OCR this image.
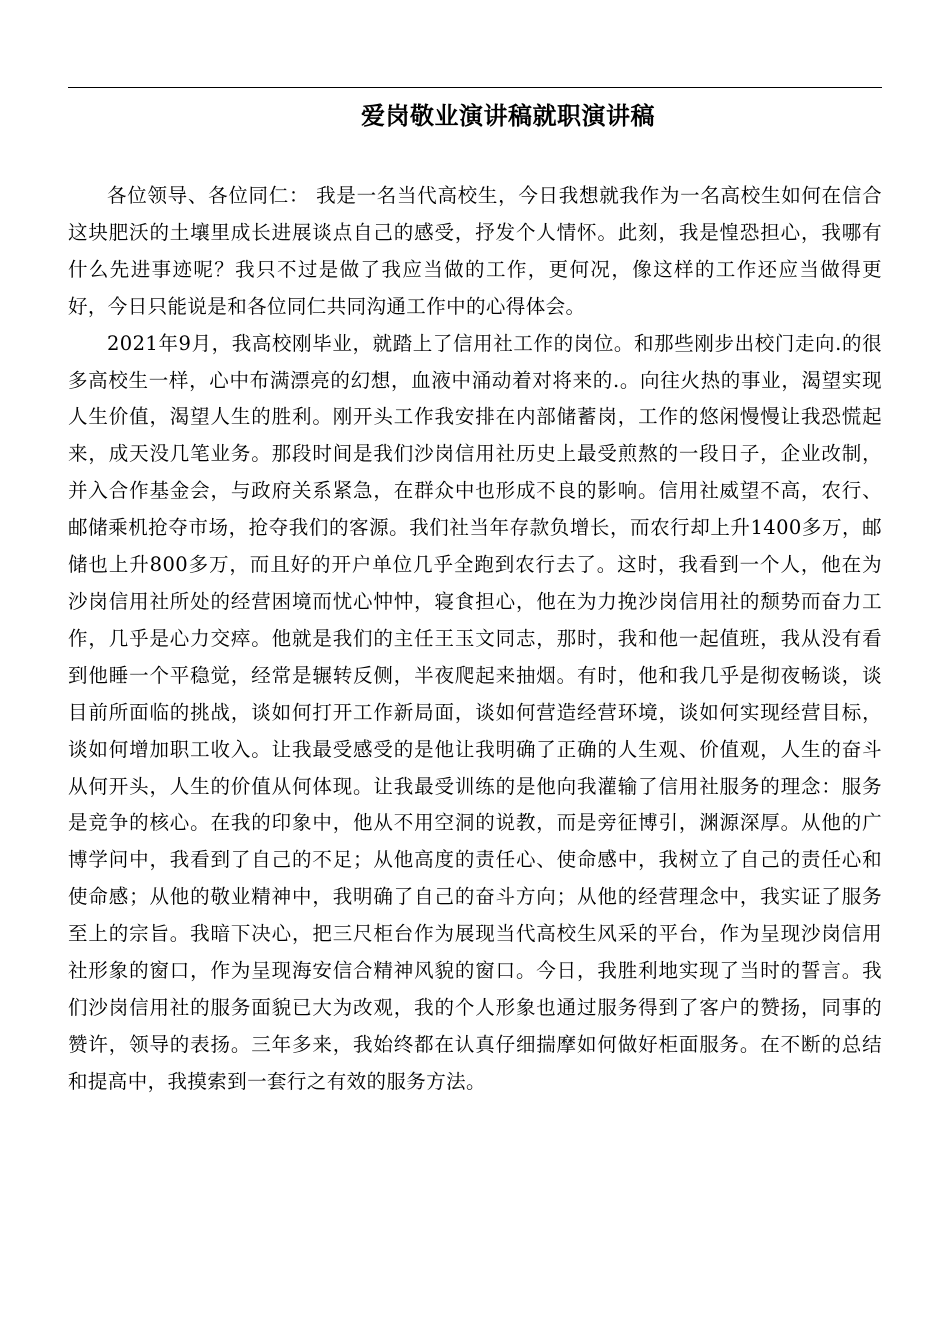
爱岗敬业演讲稿就职演讲稿

各位领导、各位同仁： 我是一名当代高校生，今日我想就我作为一名高校生如何在信合这块肥沃的土壤里成长进展谈点自己的感受，抒发个人情怀。此刻，我是惶恐担心，我哪有什么先进事迹呢？我只不过是做了我应当做的工作，更何况，像这样的工作还应当做得更好，今日只能说是和各位同仁共同沟通工作中的心得体会。

2021年9月，我高校刚毕业，就踏上了信用社工作的岗位。和那些刚步出校门走向.的很多高校生一样，心中布满漂亮的幻想，血液中涌动着对将来的.。向往火热的事业，渴望实现人生价值，渴望人生的胜利。刚开头工作我安排在内部储蓄岗，工作的悠闲慢慢让我恐慌起来，成天没几笔业务。那段时间是我们沙岗信用社历史上最受煎熬的一段日子，企业改制，并入合作基金会，与政府关系紧急，在群众中也形成不良的影响。信用社威望不高，农行、邮储乘机抢夺市场，抢夺我们的客源。我们社当年存款负增长，而农行却上升1400多万，邮储也上升800多万，而且好的开户单位几乎全跑到农行去了。这时，我看到一个人，他在为沙岗信用社所处的经营困境而忧心忡忡，寝食担心，他在为力挽沙岗信用社的颓势而奋力工作，几乎是心力交瘁。他就是我们的主任王玉文同志，那时，我和他一起值班，我从没有看到他睡一个平稳觉，经常是辗转反侧，半夜爬起来抽烟。有时，他和我几乎是彻夜畅谈，谈目前所面临的挑战，谈如何打开工作新局面，谈如何营造经营环境，谈如何实现经营目标，谈如何增加职工收入。让我最受感受的是他让我明确了正确的人生观、价值观，人生的奋斗从何开头，人生的价值从何体现。让我最受训练的是他向我灌输了信用社服务的理念：服务是竞争的核心。在我的印象中，他从不用空洞的说教，而是旁征博引，渊源深厚。从他的广博学问中，我看到了自己的不足；从他高度的责任心、使命感中，我树立了自己的责任心和使命感；从他的敬业精神中，我明确了自己的奋斗方向；从他的经营理念中，我实证了服务至上的宗旨。我暗下决心，把三尺柜台作为展现当代高校生风采的平台，作为呈现沙岗信用社形象的窗口，作为呈现海安信合精神风貌的窗口。今日，我胜利地实现了当时的誓言。我们沙岗信用社的服务面貌已大为改观，我的个人形象也通过服务得到了客户的赞扬，同事的赞许，领导的表扬。三年多来，我始终都在认真仔细揣摩如何做好柜面服务。在不断的总结和提高中，我摸索到一套行之有效的服务方法。
